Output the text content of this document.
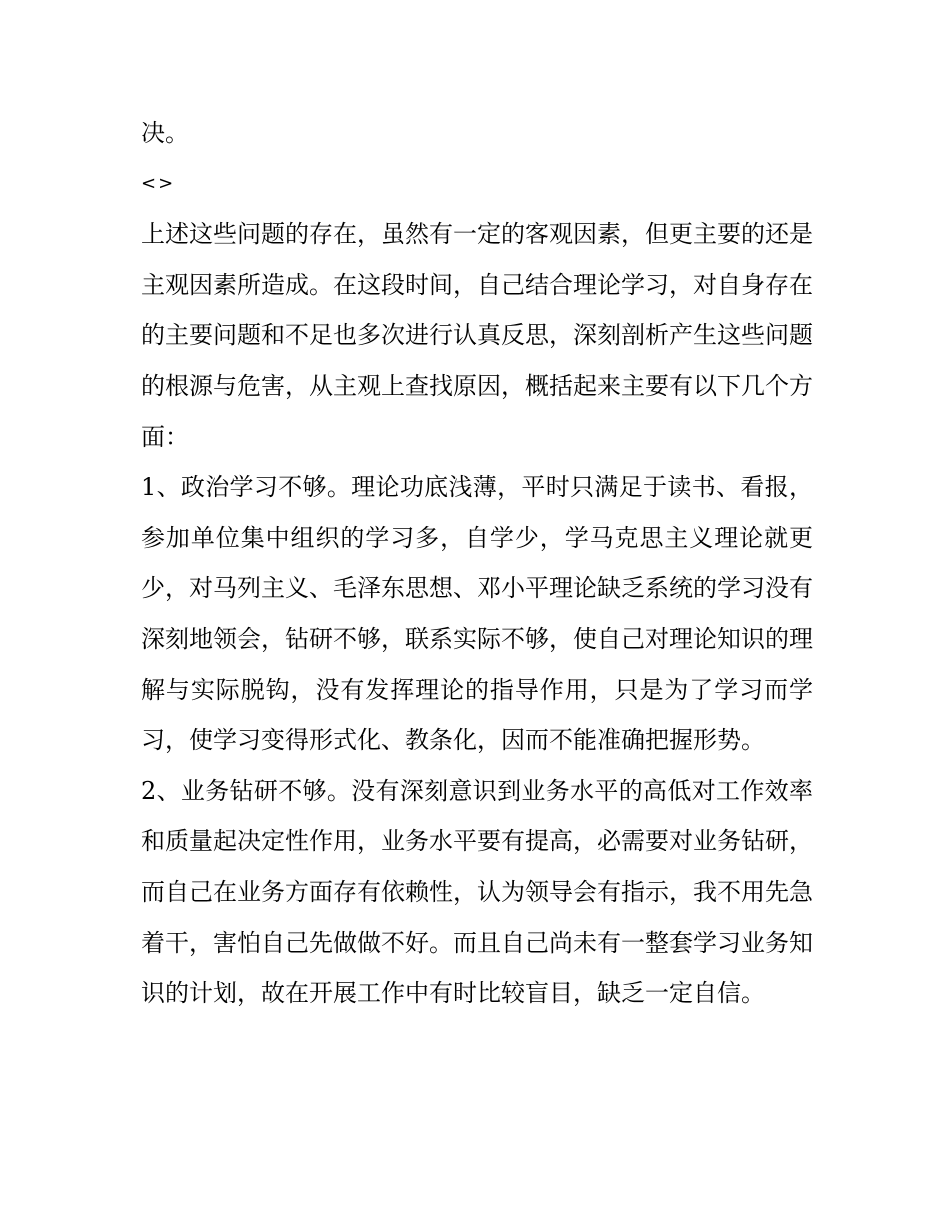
决。

<>

上述这些问题的存在，虽然有一定的客观因素，但更主要的还是主观因素所造成。在这段时间，自己结合理论学习，对自身存在的主要问题和不足也多次进行认真反思，深刻剖析产生这些问题的根源与危害，从主观上查找原因，概括起来主要有以下几个方面：

1、政治学习不够。理论功底浅薄，平时只满足于读书、看报，参加单位集中组织的学习多，自学少，学马克思主义理论就更少，对马列主义、毛泽东思想、邓小平理论缺乏系统的学习没有深刻地领会，钻研不够，联系实际不够，使自己对理论知识的理解与实际脱钩，没有发挥理论的指导作用，只是为了学习而学习，使学习变得形式化、教条化，因而不能准确把握形势。

2、业务钻研不够。没有深刻意识到业务水平的高低对工作效率和质量起决定性作用，业务水平要有提高，必需要对业务钻研，而自己在业务方面存有依赖性，认为领导会有指示，我不用先急着干，害怕自己先做做不好。而且自己尚未有一整套学习业务知识的计划，故在开展工作中有时比较盲目，缺乏一定自信。
